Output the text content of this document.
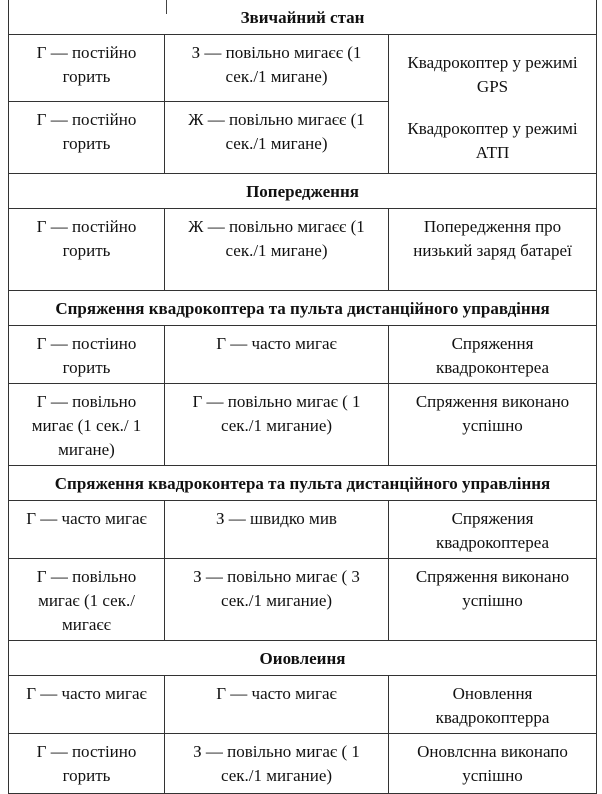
Звичайний стан		
Г — постійно горить	З — повільно мигаєє (1 сек./1 мигане)	Квадрокоптер у режимі GPS
Г — постійно горить	Ж — повільно мигаєє (1 сек./1 мигане)	Квадрокоптер у режимі АТП
Попередження		
Г — постійно горить	Ж — повільно мигаєє (1 сек./1 мигане)	Попередження про низький заряд батареї
Спряження квадрокоптера та пульта дистанційного управдіння		
Г — постіино горить	Г — часто мигає	Спряження квадроконтереа
Г — повільно мигає (1 сек./ 1 мигане)	Г — повільно мигає ( 1 сек./1 мигание)	Спряження виконано успішно
Спряження квадроконтера та пульта дистанційного управління		
Г — часто мигає	З — швидко мив	Спряжения квадрокоптереа
Г — повільно мигає (1 сек./ мигаєє	З — повільно мигає ( 3 сек./1 мигание)	Спряження виконано успішно
Оиовлеиня		
Г — часто мигає	Г — часто мигає	Оновлення квадрокоптерра
Г — постіино горить	З — повільно мигає ( 1 сек./1 мигание)	Оновлснна виконапо успішно
